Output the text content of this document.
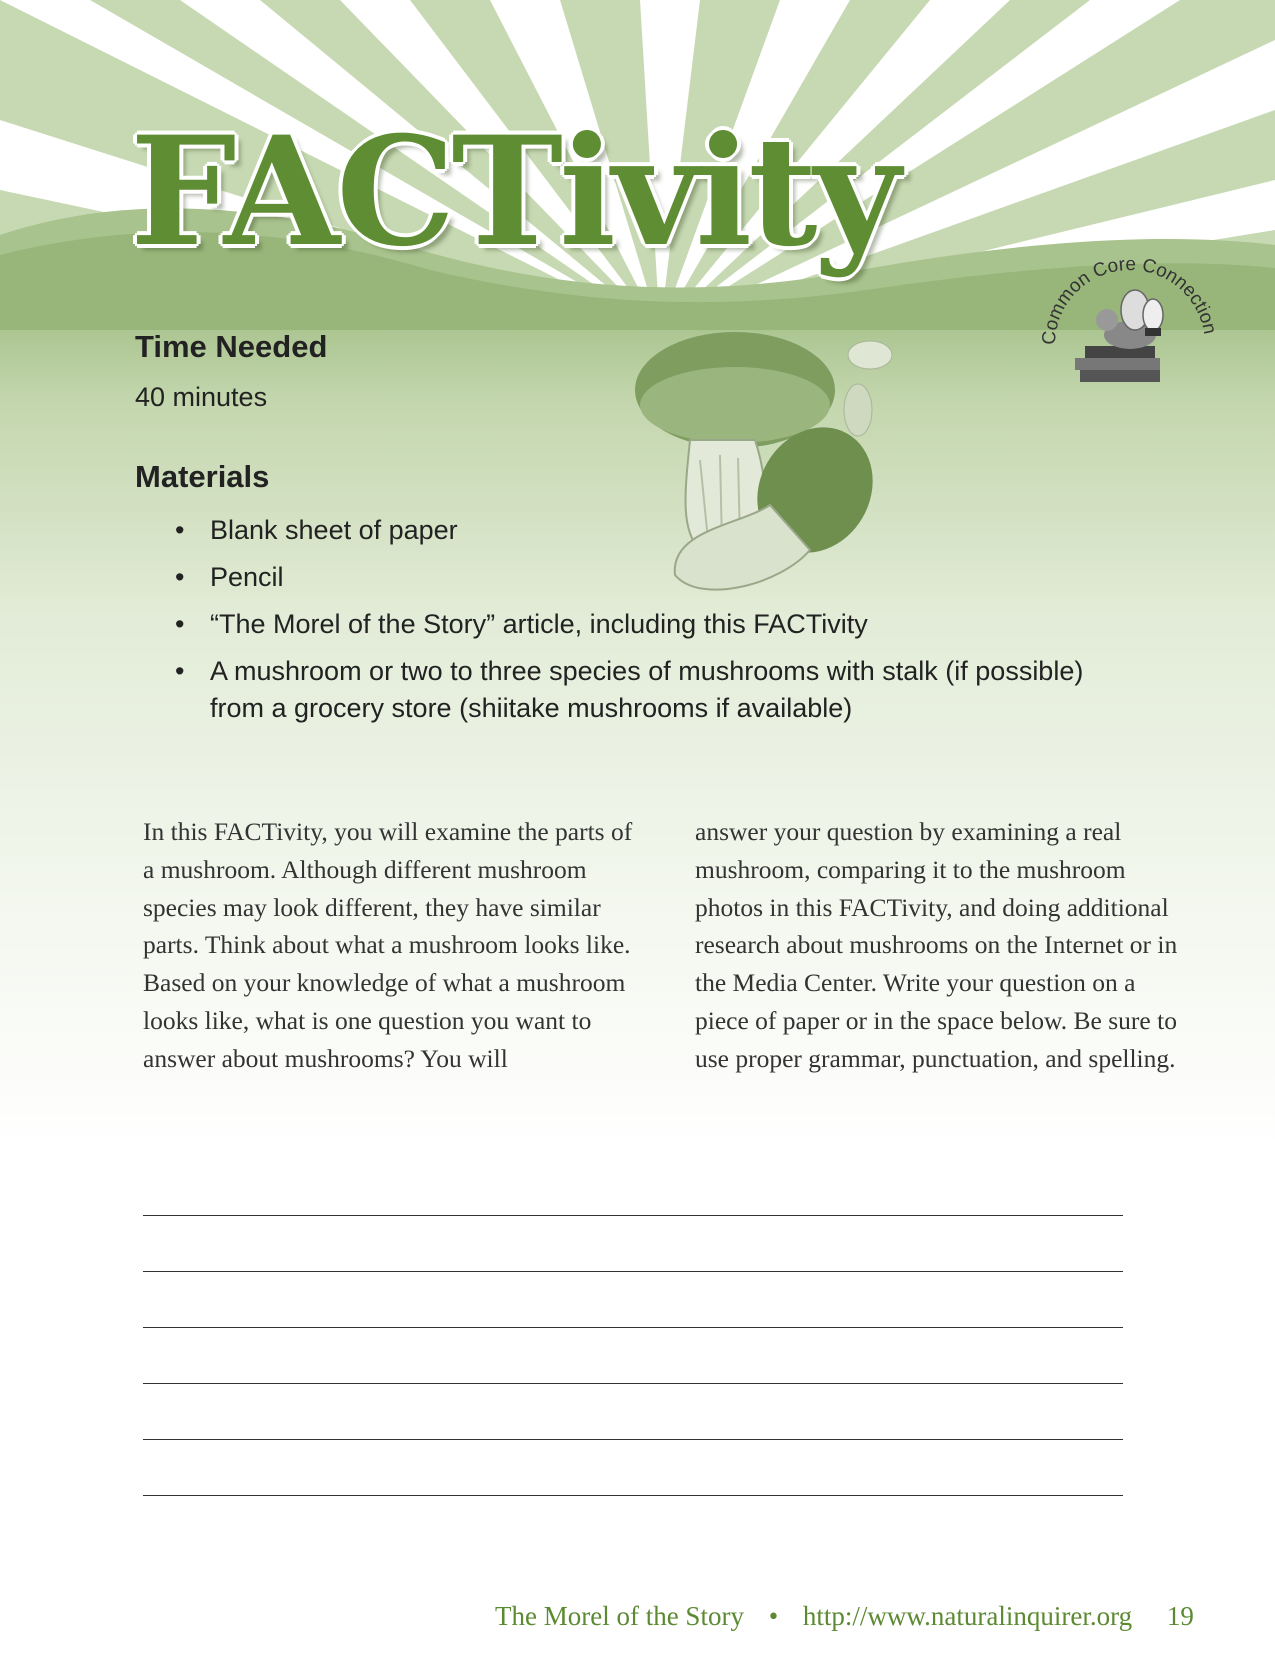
FACTivity
Common Core Connection
Time Needed

40 minutes

Materials
• Blank sheet of paper
• Pencil
• “The Morel of the Story” article, including this FACTivity
• A mushroom or two to three species of mushrooms with stalk (if possible) from a grocery store (shiitake mushrooms if available)

In this FACTivity, you will examine the parts of a mushroom. Although different mushroom species may look different, they have similar parts. Think about what a mushroom looks like. Based on your knowledge of what a mushroom looks like, what is one question you want to answer about mushrooms? You will

answer your question by examining a real mushroom, comparing it to the mushroom photos in this FACTivity, and doing additional research about mushrooms on the Internet or in the Media Center. Write your question on a piece of paper or in the space below. Be sure to use proper grammar, punctuation, and spelling.

The Morel of the Story • http://www.naturalinquirer.org 19
